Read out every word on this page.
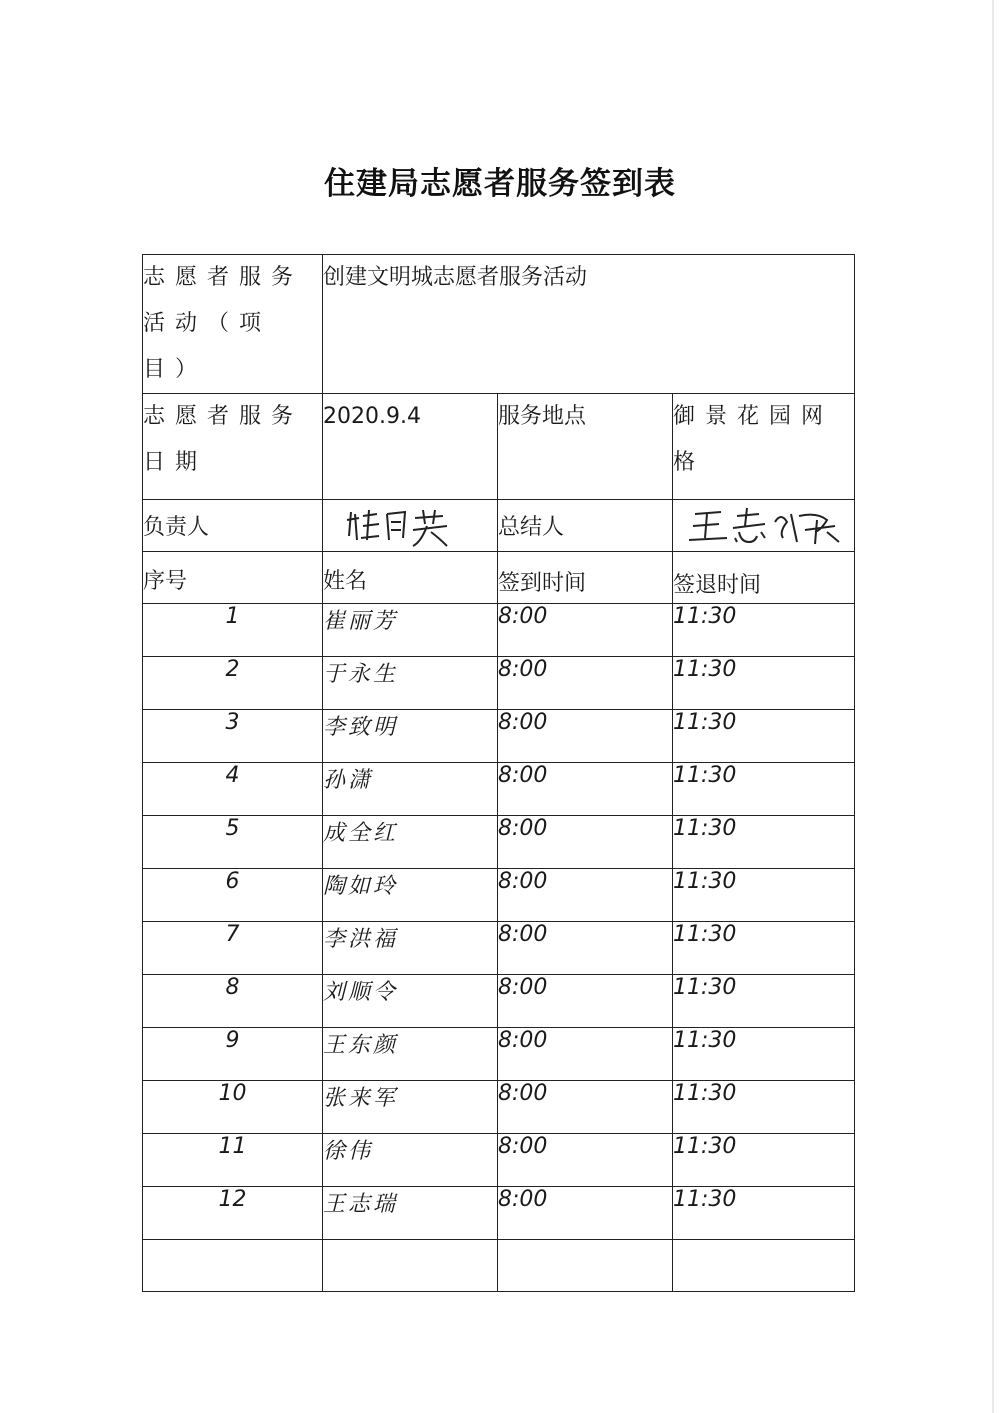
住建局志愿者服务签到表
志愿者服务活动（项目）	创建文明城志愿者服务活动		
志愿者服务日期	2020.9.4	服务地点	御景花园网格
负责人		总结人	

序号	姓名	签到时间	签退时间
1	崔丽芳	8:00	11:30
2	于永生	8:00	11:30
3	李致明	8:00	11:30
4	孙潇	8:00	11:30
5	成全红	8:00	11:30
6	陶如玲	8:00	11:30
7	李洪福	8:00	11:30
8	刘顺令	8:00	11:30
9	王东颜	8:00	11:30
10	张来军	8:00	11:30
11	徐伟	8:00	11:30
12	王志瑞	8:00	11:30
